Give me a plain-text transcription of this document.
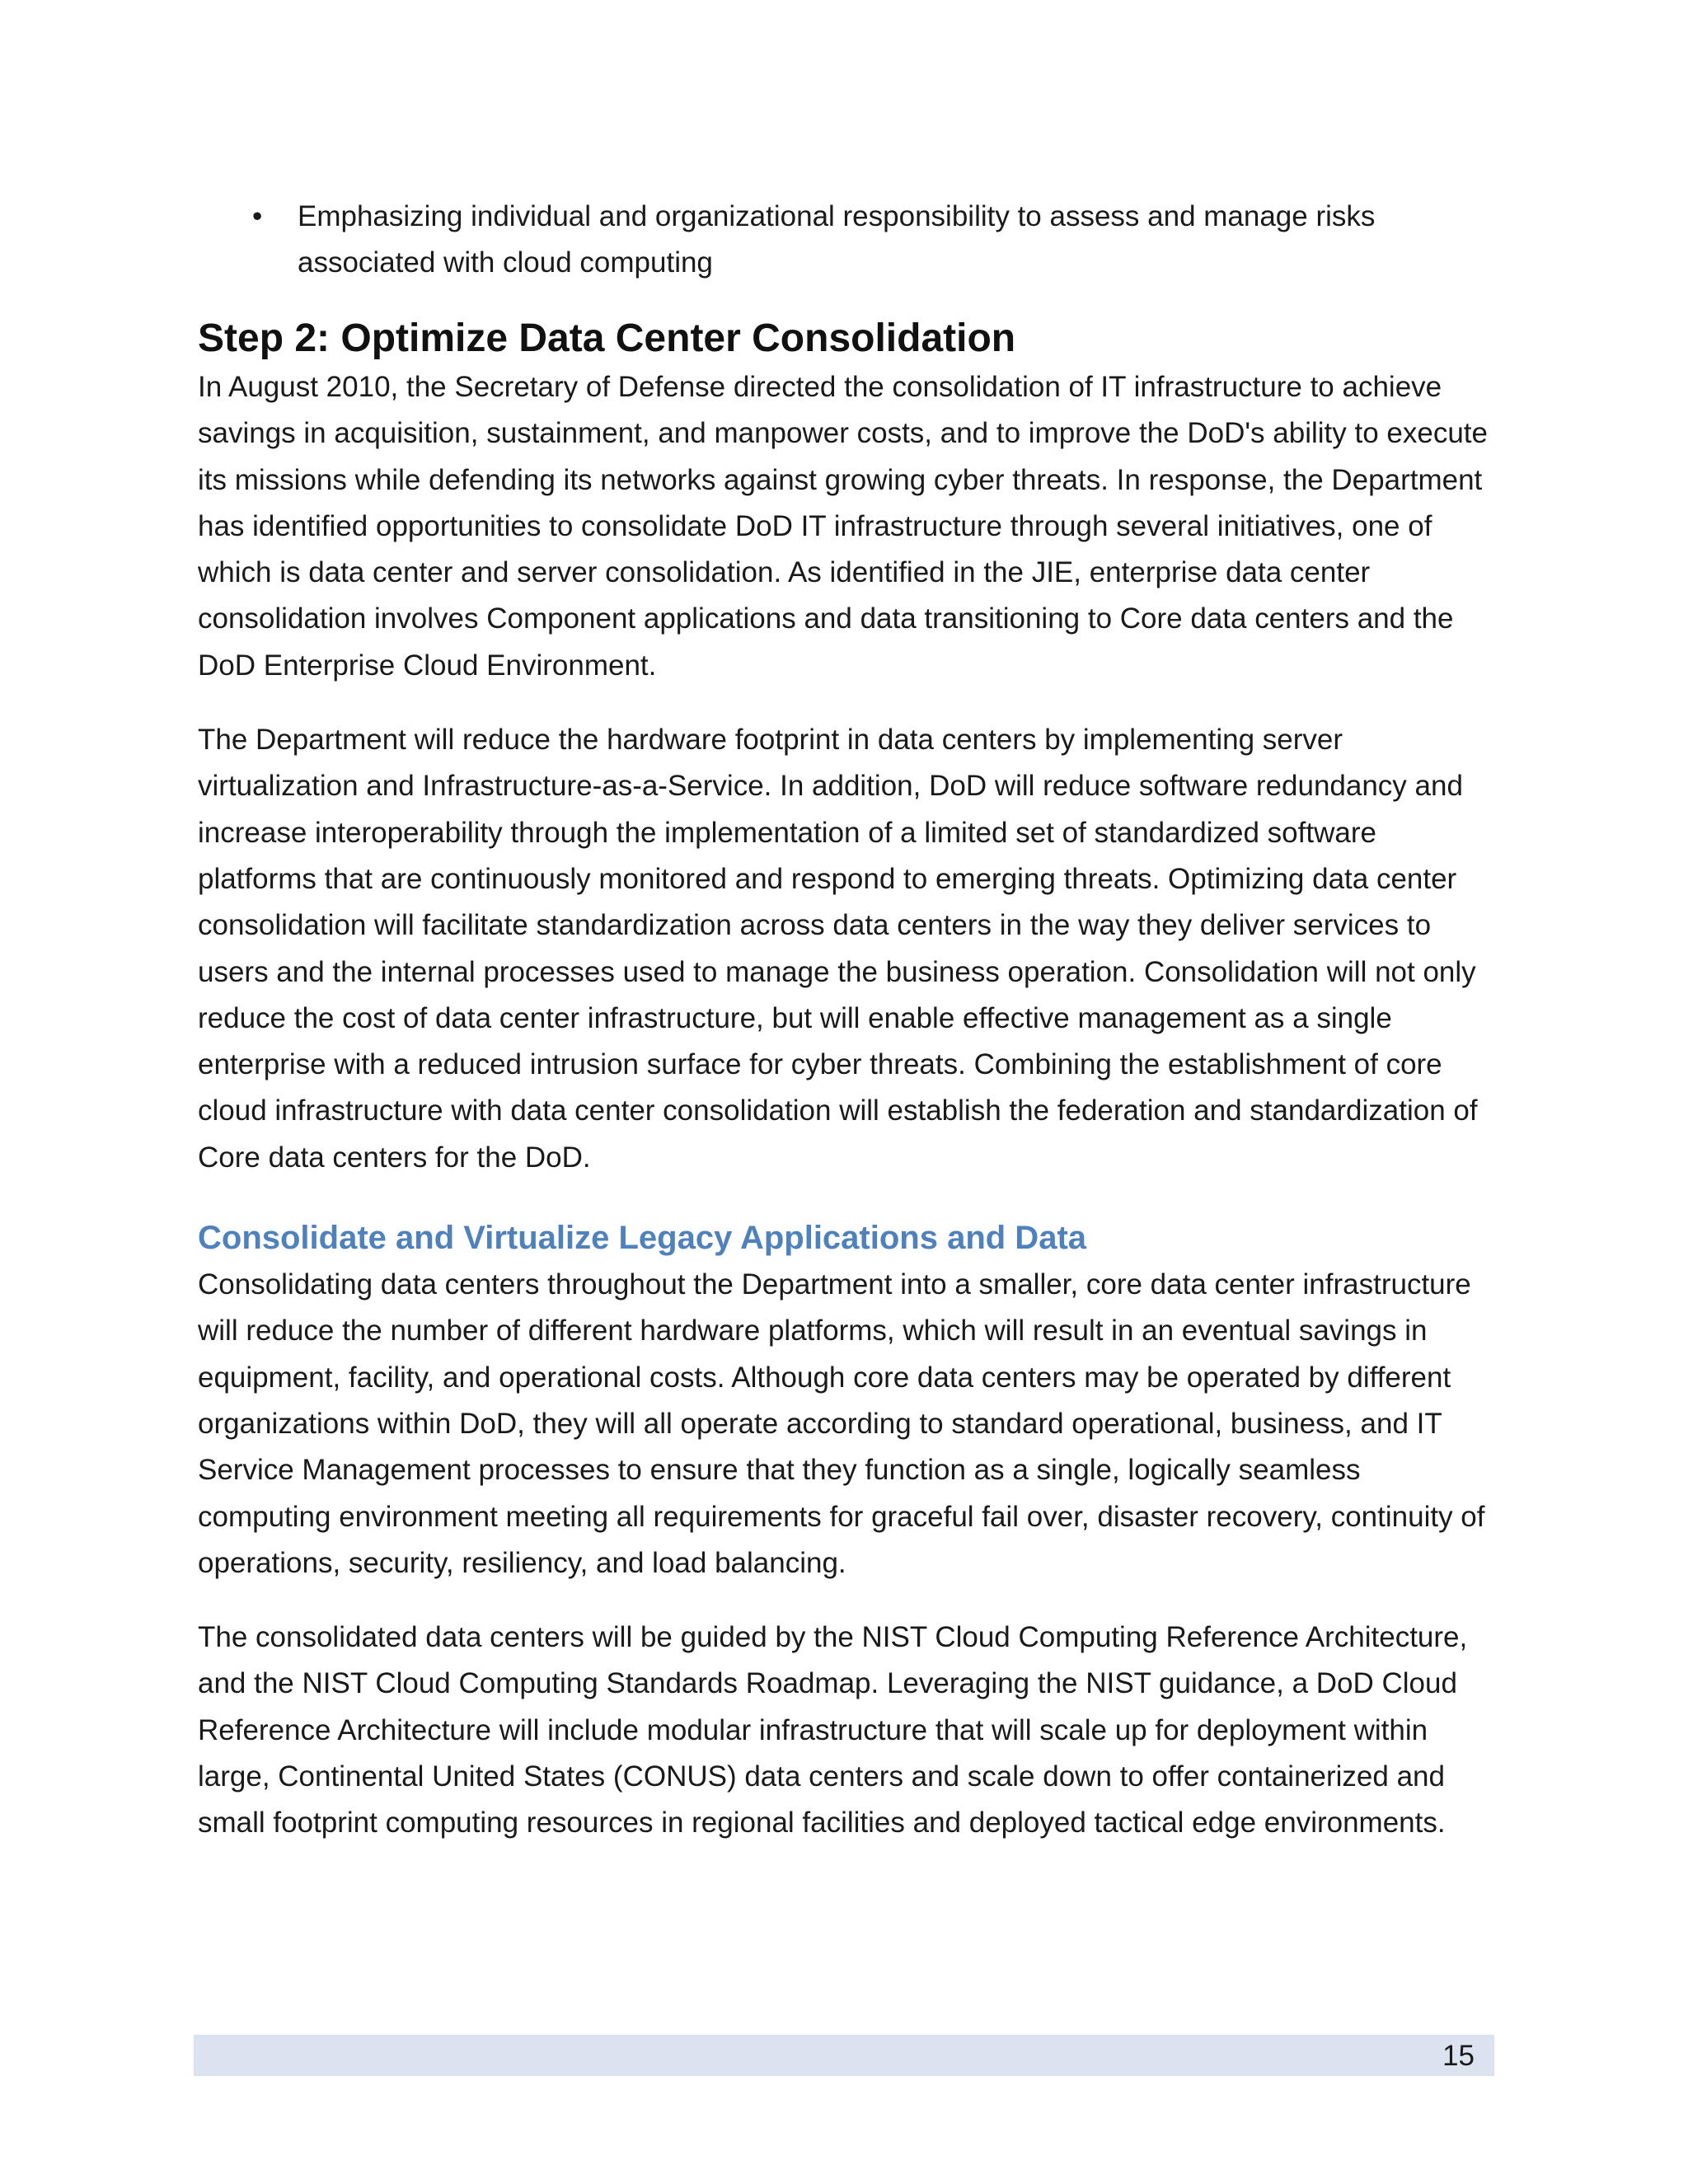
• Emphasizing individual and organizational responsibility to assess and manage risks associated with cloud computing
Step 2: Optimize Data Center Consolidation

In August 2010, the Secretary of Defense directed the consolidation of IT infrastructure to achieve savings in acquisition, sustainment, and manpower costs, and to improve the DoD's ability to execute its missions while defending its networks against growing cyber threats. In response, the Department has identified opportunities to consolidate DoD IT infrastructure through several initiatives, one of which is data center and server consolidation. As identified in the JIE, enterprise data center consolidation involves Component applications and data transitioning to Core data centers and the DoD Enterprise Cloud Environment.

The Department will reduce the hardware footprint in data centers by implementing server virtualization and Infrastructure-as-a-Service. In addition, DoD will reduce software redundancy and increase interoperability through the implementation of a limited set of standardized software platforms that are continuously monitored and respond to emerging threats. Optimizing data center consolidation will facilitate standardization across data centers in the way they deliver services to users and the internal processes used to manage the business operation. Consolidation will not only reduce the cost of data center infrastructure, but will enable effective management as a single enterprise with a reduced intrusion surface for cyber threats. Combining the establishment of core cloud infrastructure with data center consolidation will establish the federation and standardization of Core data centers for the DoD.

Consolidate and Virtualize Legacy Applications and Data

Consolidating data centers throughout the Department into a smaller, core data center infrastructure will reduce the number of different hardware platforms, which will result in an eventual savings in equipment, facility, and operational costs. Although core data centers may be operated by different organizations within DoD, they will all operate according to standard operational, business, and IT Service Management processes to ensure that they function as a single, logically seamless computing environment meeting all requirements for graceful fail over, disaster recovery, continuity of operations, security, resiliency, and load balancing.

The consolidated data centers will be guided by the NIST Cloud Computing Reference Architecture, and the NIST Cloud Computing Standards Roadmap. Leveraging the NIST guidance, a DoD Cloud Reference Architecture will include modular infrastructure that will scale up for deployment within large, Continental United States (CONUS) data centers and scale down to offer containerized and small footprint computing resources in regional facilities and deployed tactical edge environments.

15
